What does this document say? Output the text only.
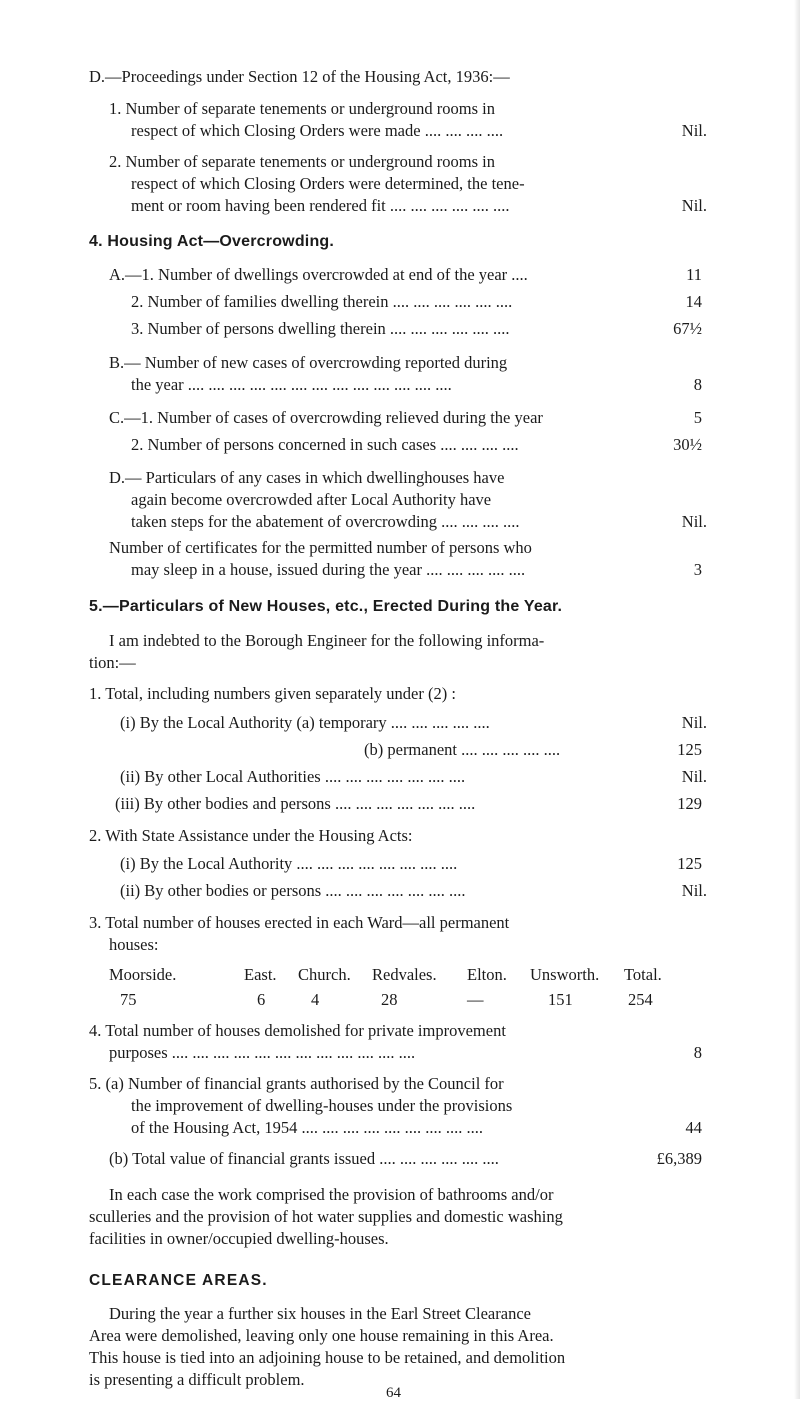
D.—Proceedings under Section 12 of the Housing Act, 1936:—
1. Number of separate tenements or underground rooms in
respect of which Closing Orders were made .... .... .... ....	Nil.
2. Number of separate tenements or underground rooms in
respect of which Closing Orders were determined, the tene-
ment or room having been rendered fit .... .... .... .... .... ....	Nil.
4. Housing Act—Overcrowding.
A.—1. Number of dwellings overcrowded at end of the year ....	11
2. Number of families dwelling therein .... .... .... .... .... ....	14
3. Number of persons dwelling therein .... .... .... .... .... ....	67½
B.— Number of new cases of overcrowding reported during
the year .... .... .... .... .... .... .... .... .... .... .... .... ....	8
C.—1. Number of cases of overcrowding relieved during the year	5
2. Number of persons concerned in such cases .... .... .... ....	30½
D.— Particulars of any cases in which dwellinghouses have
again become overcrowded after Local Authority have
taken steps for the abatement of overcrowding .... .... .... ....	Nil.
Number of certificates for the permitted number of persons who
may sleep in a house, issued during the year .... .... .... .... ....	3
5.—Particulars of New Houses, etc., Erected During the Year.
I am indebted to the Borough Engineer for the following informa-
tion:—
1. Total, including numbers given separately under (2) :
(i) By the Local Authority (a) temporary .... .... .... .... ....	Nil.
(b) permanent .... .... .... .... ....	125
(ii) By other Local Authorities .... .... .... .... .... .... ....	Nil.
(iii) By other bodies and persons .... .... .... .... .... .... ....	129
2. With State Assistance under the Housing Acts:
(i) By the Local Authority .... .... .... .... .... .... .... ....	125
(ii) By other bodies or persons .... .... .... .... .... .... ....	Nil.
3. Total number of houses erected in each Ward—all permanent
houses:
Moorside.	East. Church. Redvales. Elton. Unsworth. Total.
75	6	4	28	—	151	254
4. Total number of houses demolished for private improvement
purposes .... .... .... .... .... .... .... .... .... .... .... ....	8
5. (a) Number of financial grants authorised by the Council for
the improvement of dwelling-houses under the provisions
of the Housing Act, 1954 .... .... .... .... .... .... .... .... ....	44
(b) Total value of financial grants issued .... .... .... .... .... ....	£6,389
In each case the work comprised the provision of bathrooms and/or
sculleries and the provision of hot water supplies and domestic washing
facilities in owner/occupied dwelling-houses.
CLEARANCE AREAS.
During the year a further six houses in the Earl Street Clearance
Area were demolished, leaving only one house remaining in this Area.
This house is tied into an adjoining house to be retained, and demolition
is presenting a difficult problem.
64
